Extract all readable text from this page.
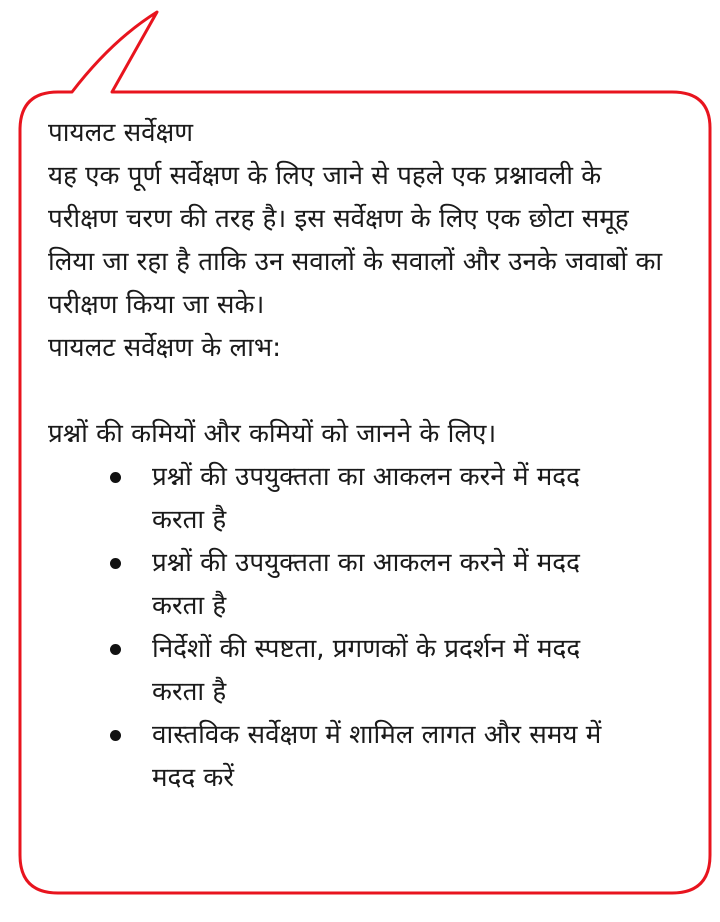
पायलट सर्वेक्षण

यह एक पूर्ण सर्वेक्षण के लिए जाने से पहले एक प्रश्नावली के परीक्षण चरण की तरह है। इस सर्वेक्षण के लिए एक छोटा समूह लिया जा रहा है ताकि उन सवालों के सवालों और उनके जवाबों का परीक्षण किया जा सके।

पायलट सर्वेक्षण के लाभ:

प्रश्नों की कमियों और कमियों को जानने के लिए।

प्रश्नों की उपयुक्तता का आकलन करने में मदद करता है
प्रश्नों की उपयुक्तता का आकलन करने में मदद करता है
निर्देशों की स्पष्टता, प्रगणकों के प्रदर्शन में मदद करता है
वास्तविक सर्वेक्षण में शामिल लागत और समय में मदद करें
